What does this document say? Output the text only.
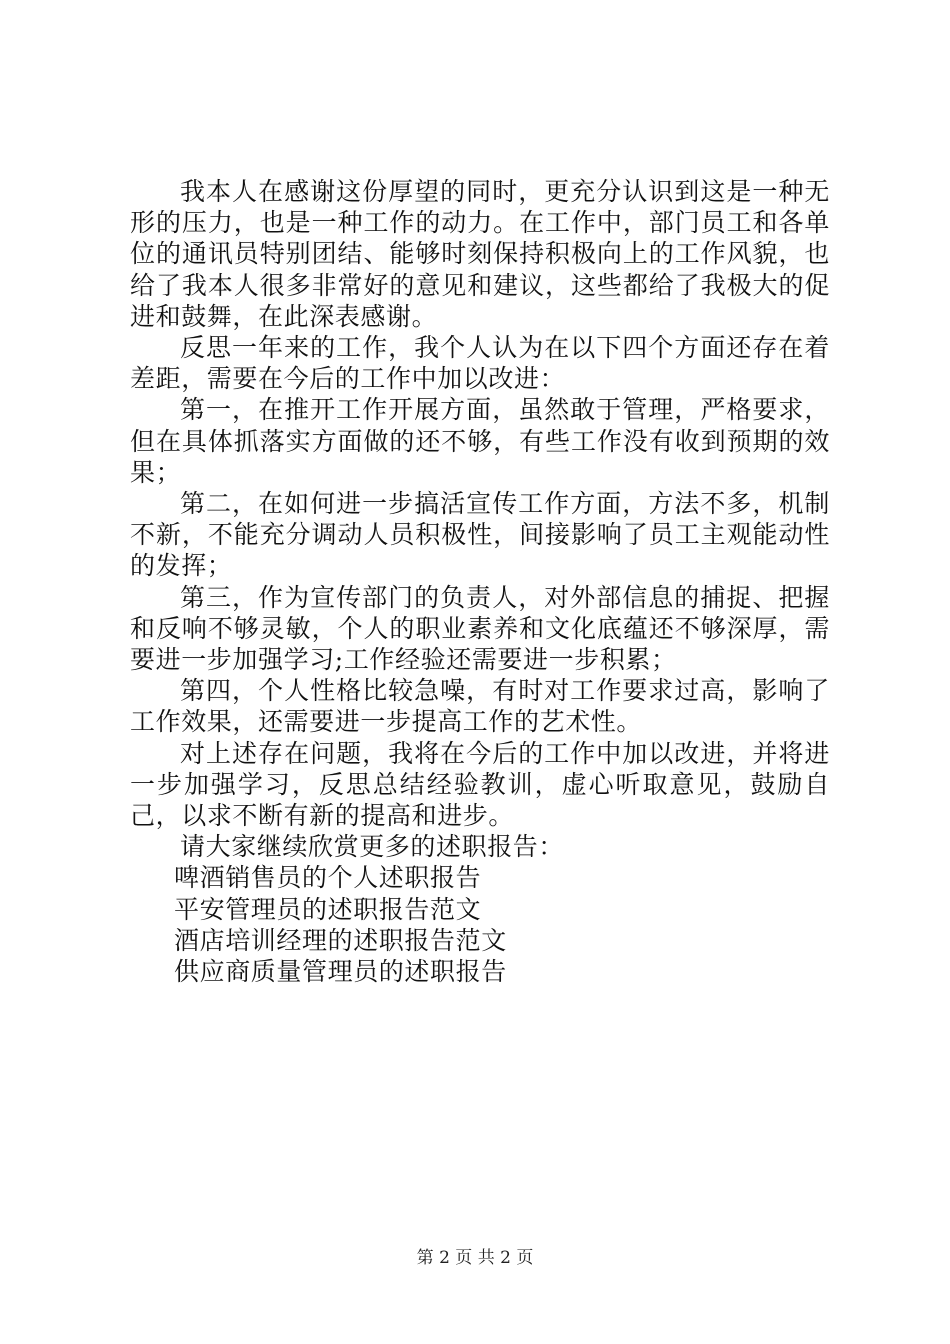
我本人在感谢这份厚望的同时，更充分认识到这是一种无形的压力，也是一种工作的动力。在工作中，部门员工和各单位的通讯员特别团结、能够时刻保持积极向上的工作风貌，也给了我本人很多非常好的意见和建议，这些都给了我极大的促进和鼓舞，在此深表感谢。

反思一年来的工作，我个人认为在以下四个方面还存在着差距，需要在今后的工作中加以改进：

第一，在推开工作开展方面，虽然敢于管理，严格要求，但在具体抓落实方面做的还不够，有些工作没有收到预期的效果；

第二，在如何进一步搞活宣传工作方面，方法不多，机制不新，不能充分调动人员积极性，间接影响了员工主观能动性的发挥；

第三，作为宣传部门的负责人，对外部信息的捕捉、把握和反响不够灵敏，个人的职业素养和文化底蕴还不够深厚，需要进一步加强学习;工作经验还需要进一步积累；

第四，个人性格比较急噪，有时对工作要求过高，影响了工作效果，还需要进一步提高工作的艺术性。

对上述存在问题，我将在今后的工作中加以改进，并将进一步加强学习，反思总结经验教训，虚心听取意见，鼓励自己，以求不断有新的提高和进步。

请大家继续欣赏更多的述职报告：

啤酒销售员的个人述职报告
平安管理员的述职报告范文
酒店培训经理的述职报告范文
供应商质量管理员的述职报告
第 2 页 共 2 页
